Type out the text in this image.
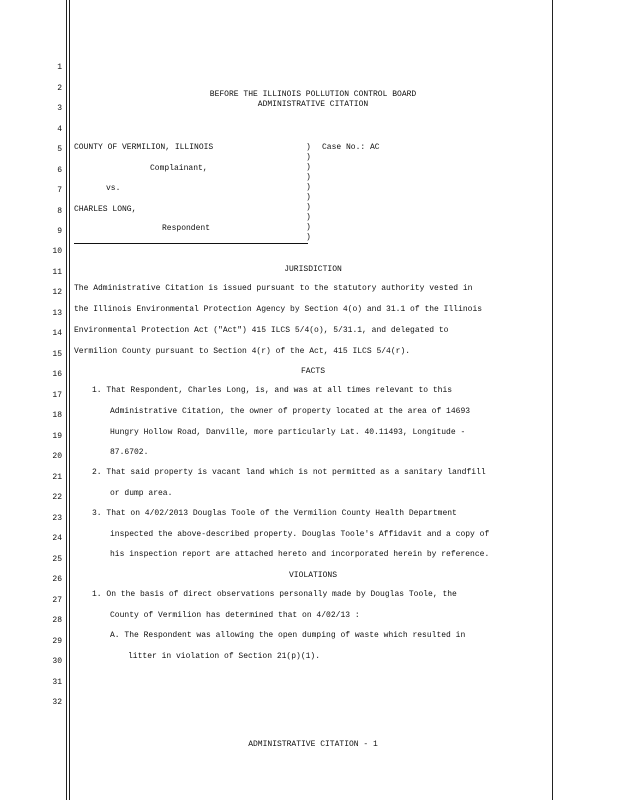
1
2
3
4
5
6
7
8
9
10
11
12
13
14
15
16
17
18
19
20
21
22
23
24
25
26
27
28
29
30
31
32
BEFORE THE ILLINOIS POLLUTION CONTROL BOARD
ADMINISTRATIVE CITATION
COUNTY OF VERMILION, ILLINOIS
Complainant,
vs.
CHARLES LONG,
Respondent
)
)
)
)
)
)
)
)
)
)
Case No.: AC
JURISDICTION
The Administrative Citation is issued pursuant to the statutory authority vested in
the Illinois Environmental Protection Agency by Section 4(o) and 31.1 of the Illinois
Environmental Protection Act ("Act") 415 ILCS 5/4(o), 5/31.1, and delegated to
Vermilion County pursuant to Section 4(r) of the Act, 415 ILCS 5/4(r).
FACTS
1. That Respondent, Charles Long, is, and was at all times relevant to this
Administrative Citation, the owner of property located at the area of 14693
Hungry Hollow Road, Danville, more particularly Lat. 40.11493, Longitude -
87.6702.
2. That said property is vacant land which is not permitted as a sanitary landfill
or dump area.
3. That on 4/02/2013 Douglas Toole of the Vermilion County Health Department
inspected the above-described property. Douglas Toole's Affidavit and a copy of
his inspection report are attached hereto and incorporated herein by reference.
VIOLATIONS
1. On the basis of direct observations personally made by Douglas Toole, the
County of Vermilion has determined that on 4/02/13 :
A. The Respondent was allowing the open dumping of waste which resulted in
litter in violation of Section 21(p)(1).
ADMINISTRATIVE CITATION - 1
